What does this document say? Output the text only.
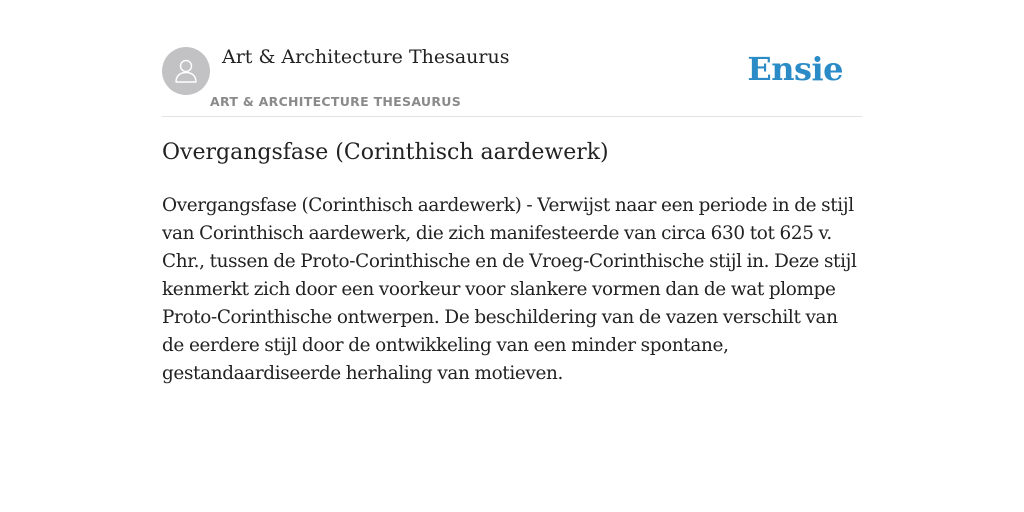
Art & Architecture Thesaurus
ART & ARCHITECTURE THESAURUS
Ensie
Overgangsfase (Corinthisch aardewerk)

Overgangsfase (Corinthisch aardewerk) - Verwijst naar een periode in de stijl van Corinthisch aardewerk, die zich manifesteerde van circa 630 tot 625 v. Chr., tussen de Proto-Corinthische en de Vroeg-Corinthische stijl in. Deze stijl kenmerkt zich door een voorkeur voor slankere vormen dan de wat plompe Proto-Corinthische ontwerpen. De beschildering van de vazen verschilt van de eerdere stijl door de ontwikkeling van een minder spontane, gestandaardiseerde herhaling van motieven.
